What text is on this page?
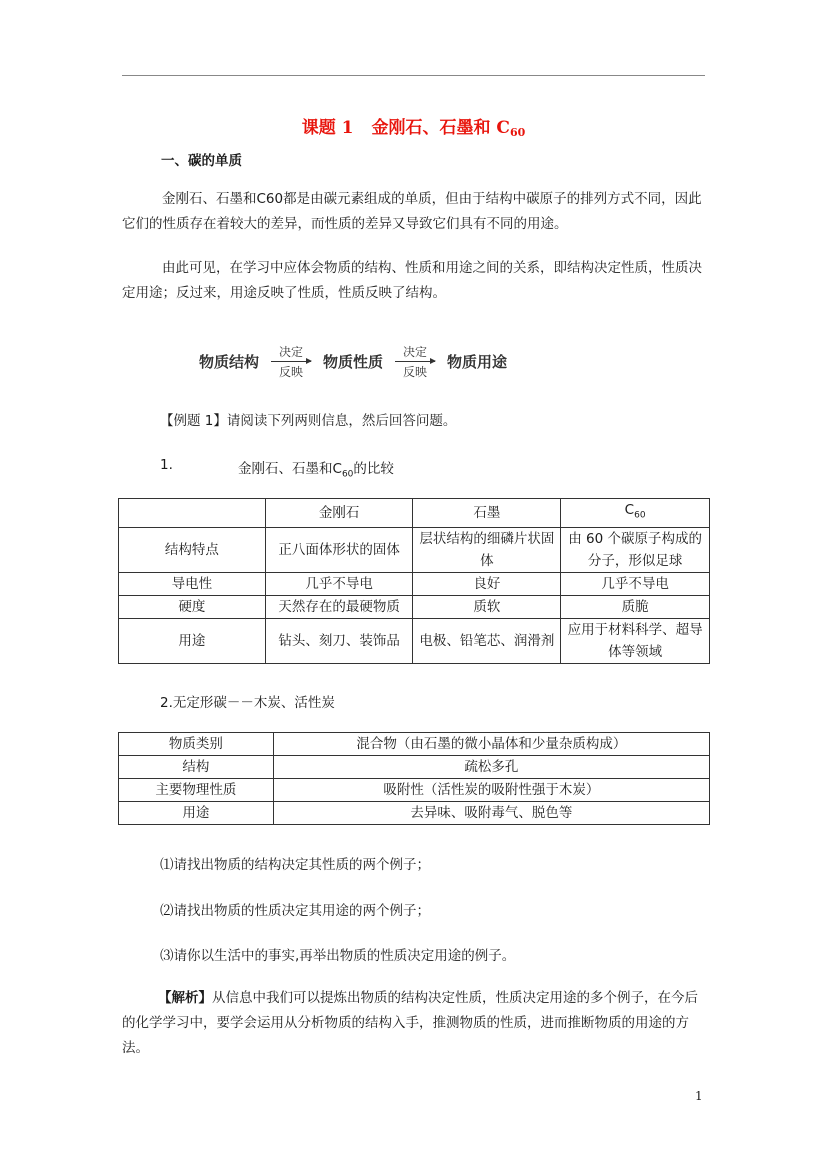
课题 1 金刚石、石墨和 $C_{60}$
一、碳的单质
金刚石、石墨和C60都是由碳元素组成的单质，但由于结构中碳原子的排列方式不同，因此它们的性质存在着较大的差异，而性质的差异又导致它们具有不同的用途。
由此可见，在学习中应体会物质的结构、性质和用途之间的关系，即结构决定性质，性质决定用途；反过来，用途反映了性质，性质反映了结构。
物质结构
决定
反映
物质性质
决定
反映
物质用途
【例题 1】请阅读下列两则信息，然后回答问题。
1.	金刚石、石墨和$C_{60}$的比较
	金刚石	石墨	$C_{60}$
结构特点	正八面体形状的固体	层状结构的细磷片状固体	由 60 个碳原子构成的分子，形似足球
导电性	几乎不导电	良好	几乎不导电
硬度	天然存在的最硬物质	质软	质脆
用途	钻头、刻刀、装饰品	电极、铅笔芯、润滑剂	应用于材料科学、超导体等领域
2.无定形碳－－木炭、活性炭
物质类别	混合物（由石墨的微小晶体和少量杂质构成）
结构	疏松多孔
主要物理性质	吸附性（活性炭的吸附性强于木炭）
用途	去异味、吸附毒气、脱色等
⑴请找出物质的结构决定其性质的两个例子；
⑵请找出物质的性质决定其用途的两个例子；
⑶请你以生活中的事实,再举出物质的性质决定用途的例子。
【解析】从信息中我们可以提炼出物质的结构决定性质，性质决定用途的多个例子，在今后的化学学习中，要学会运用从分析物质的结构入手，推测物质的性质，进而推断物质的用途的方法。
1
